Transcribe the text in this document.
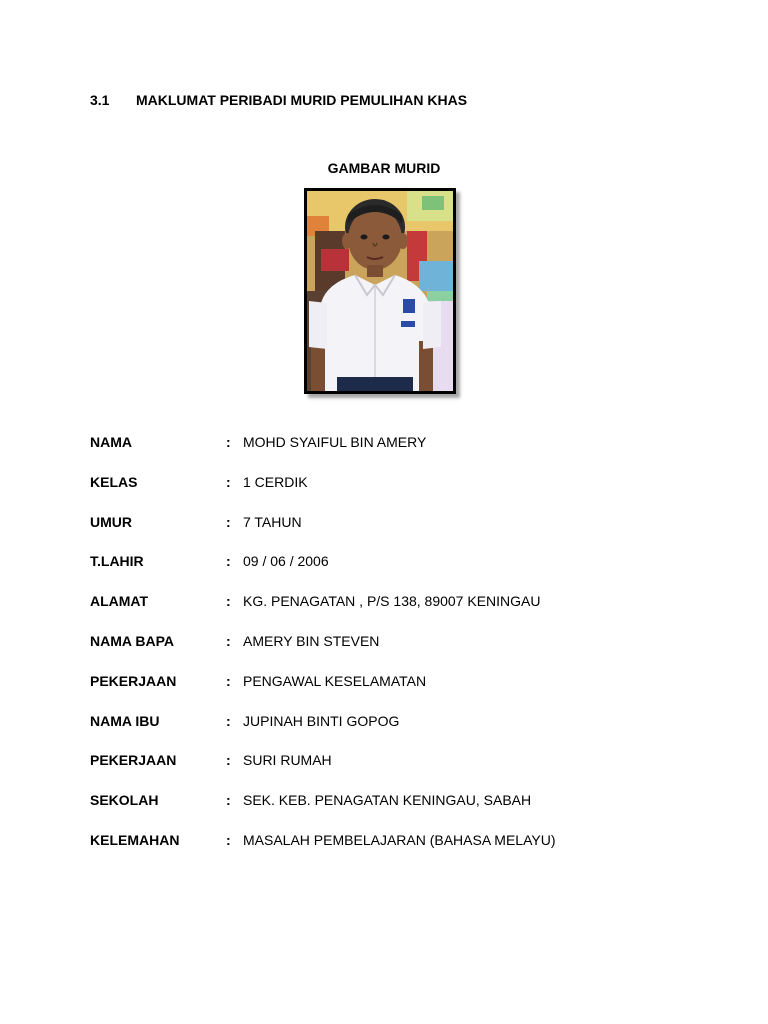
3.1 MAKLUMAT PERIBADI MURID PEMULIHAN KHAS
GAMBAR MURID
NAMA	: MOHD SYAIFUL BIN AMERY
KELAS	: 1 CERDIK
UMUR	: 7 TAHUN
T.LAHIR	: 09 / 06 / 2006
ALAMAT	: KG. PENAGATAN , P/S 138, 89007 KENINGAU
NAMA BAPA	: AMERY BIN STEVEN
PEKERJAAN	: PENGAWAL KESELAMATAN
NAMA IBU	: JUPINAH BINTI GOPOG
PEKERJAAN	: SURI RUMAH
SEKOLAH	: SEK. KEB. PENAGATAN KENINGAU, SABAH
KELEMAHAN	: MASALAH PEMBELAJARAN (BAHASA MELAYU)
